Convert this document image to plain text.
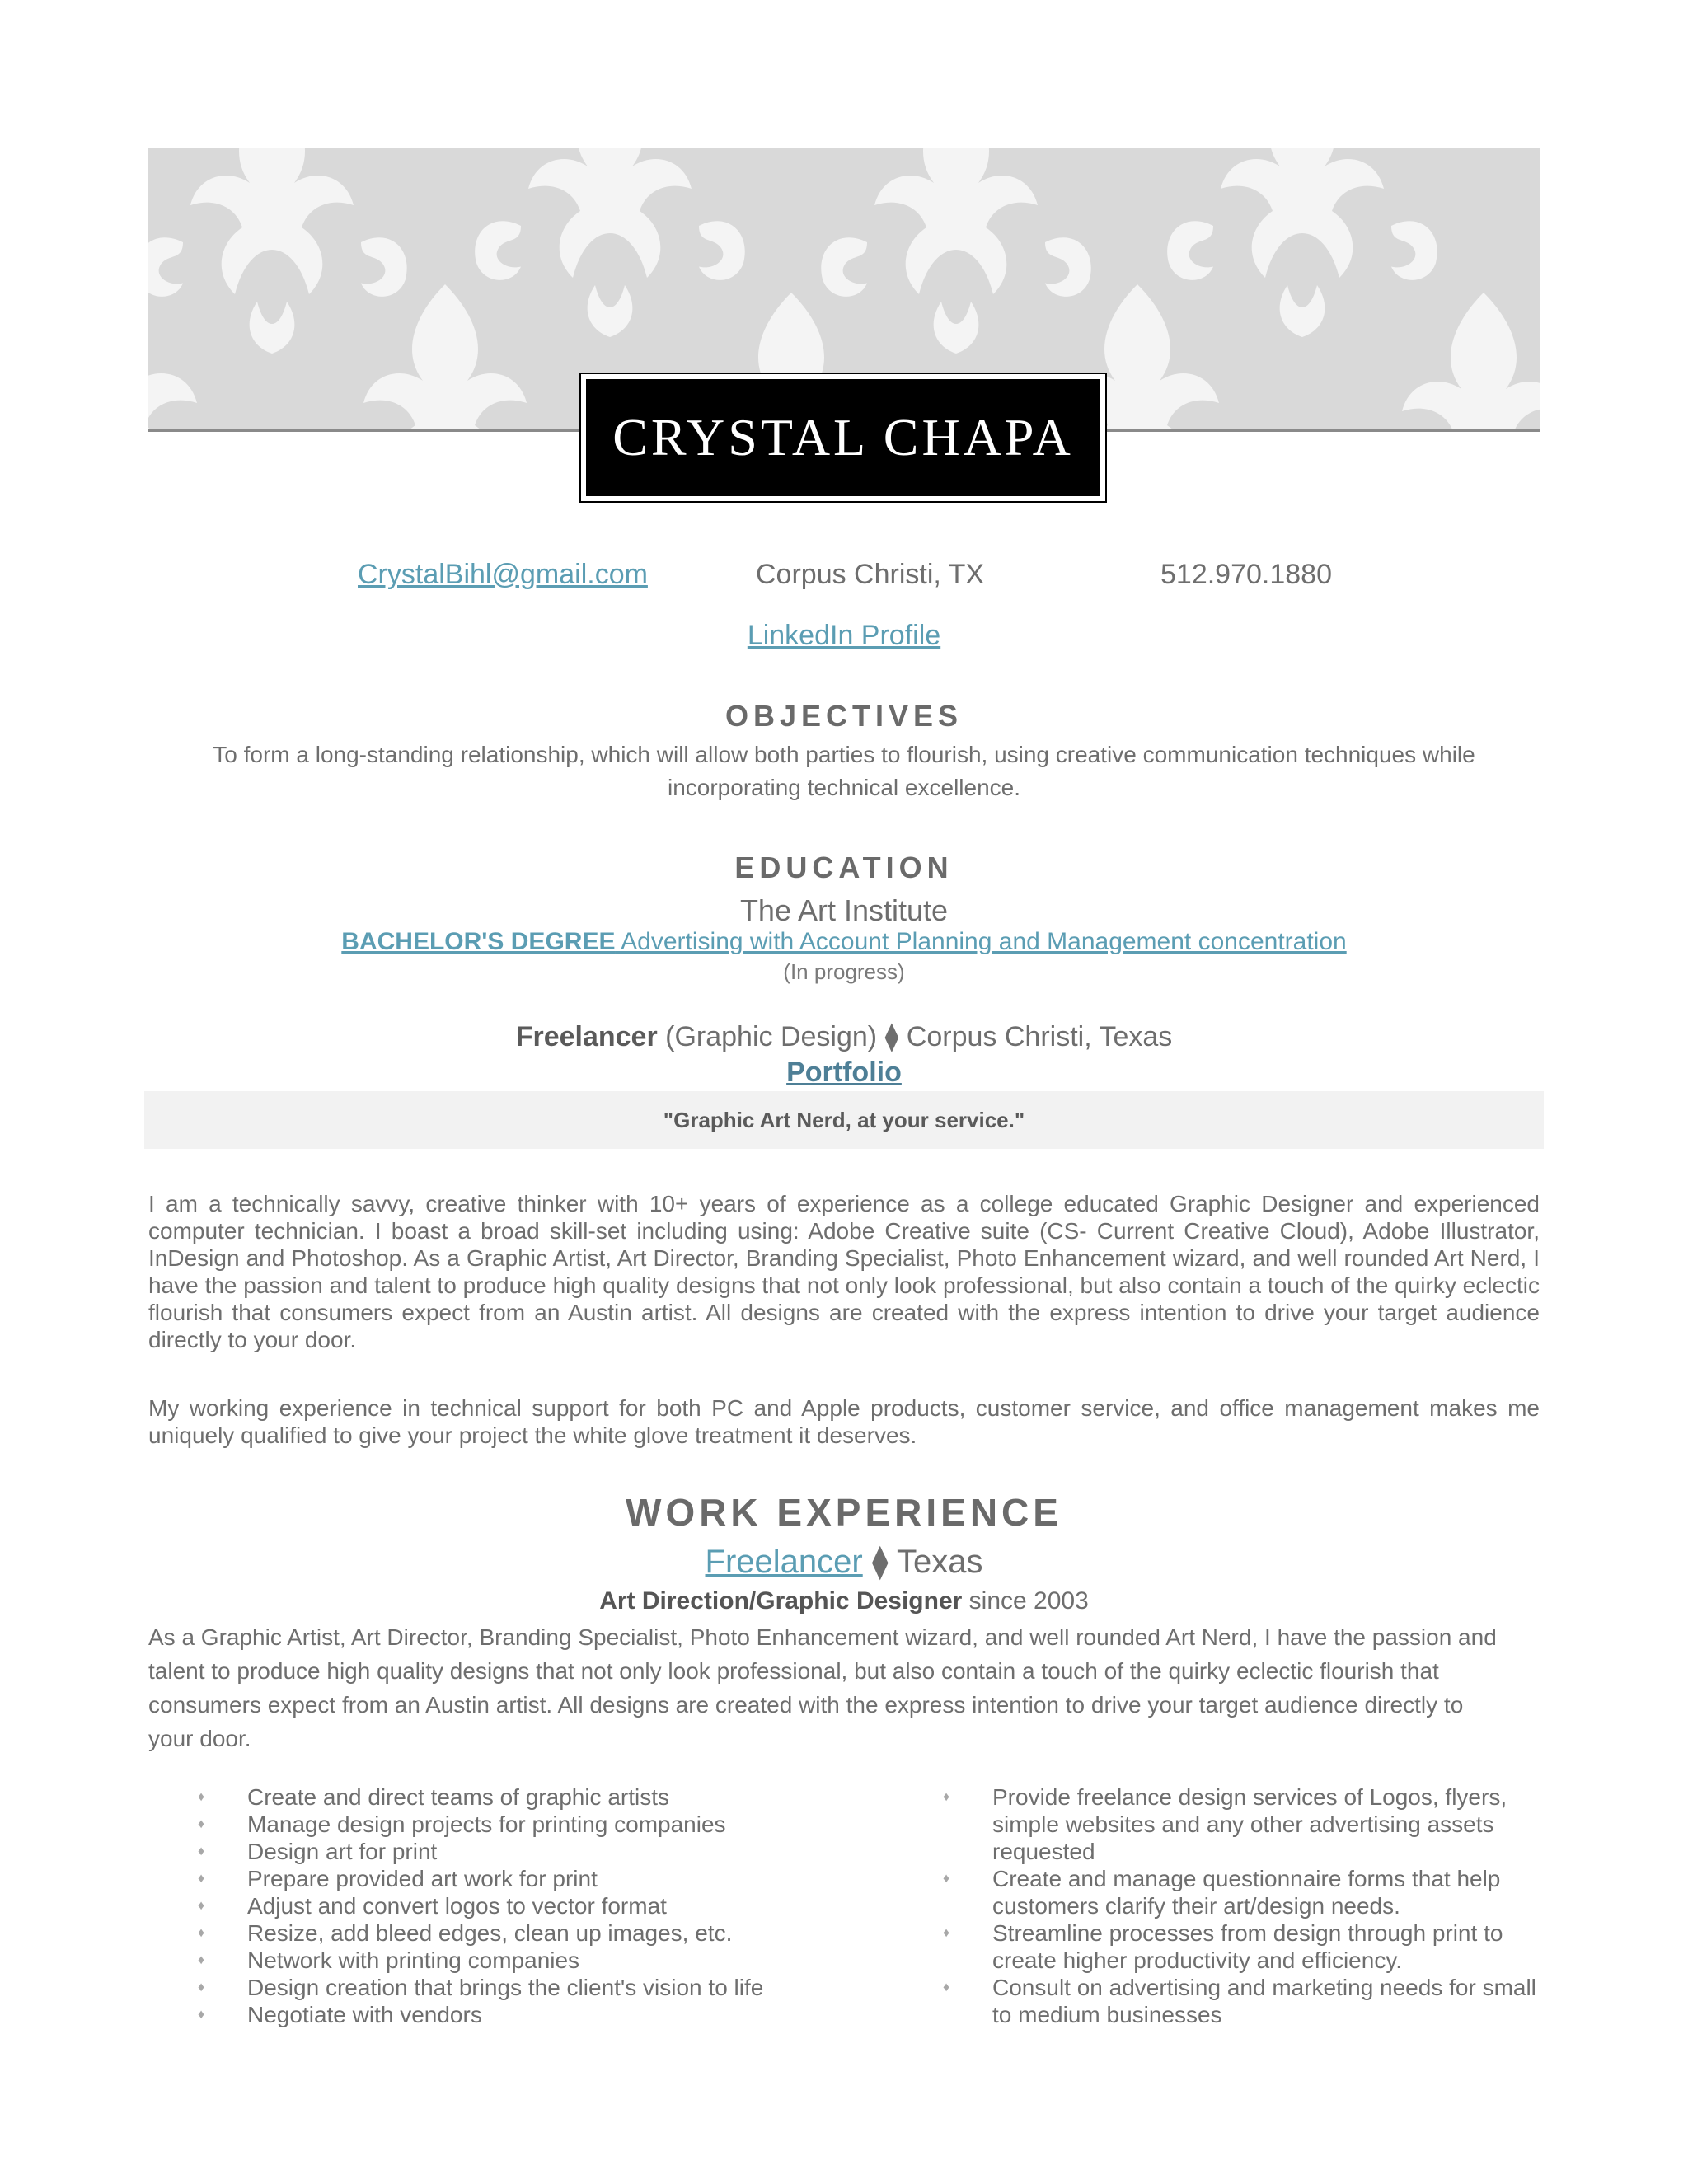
CRYSTAL CHAPA
CrystalBihl@gmail.com	Corpus Christi, TX	512.970.1880
LinkedIn Profile
OBJECTIVES
To form a long-standing relationship, which will allow both parties to flourish, using creative communication techniques while incorporating technical excellence.
EDUCATION
The Art Institute
BACHELOR'S DEGREE Advertising with Account Planning and Management concentration
(In progress)
Freelancer (Graphic Design) ⧫ Corpus Christi, Texas
Portfolio
"Graphic Art Nerd, at your service."
I am a technically savvy, creative thinker with 10+ years of experience as a college educated Graphic Designer and experienced computer technician. I boast a broad skill-set including using: Adobe Creative suite (CS- Current Creative Cloud), Adobe Illustrator, InDesign and Photoshop. As a Graphic Artist, Art Director, Branding Specialist, Photo Enhancement wizard, and well rounded Art Nerd, I have the passion and talent to produce high quality designs that not only look professional, but also contain a touch of the quirky eclectic flourish that consumers expect from an Austin artist. All designs are created with the express intention to drive your target audience directly to your door.
My working experience in technical support for both PC and Apple products, customer service, and office management makes me uniquely qualified to give your project the white glove treatment it deserves.
WORK EXPERIENCE
Freelancer ⧫ Texas
Art Direction/Graphic Designer since 2003
As a Graphic Artist, Art Director, Branding Specialist, Photo Enhancement wizard, and well rounded Art Nerd, I have the passion and talent to produce high quality designs that not only look professional, but also contain a touch of the quirky eclectic flourish that consumers expect from an Austin artist. All designs are created with the express intention to drive your target audience directly to your door.
♦	Create and direct teams of graphic artists
♦	Manage design projects for printing companies
♦	Design art for print
♦	Prepare provided art work for print
♦	Adjust and convert logos to vector format
♦	Resize, add bleed edges, clean up images, etc.
♦	Network with printing companies
♦	Design creation that brings the client's vision to life
♦	Negotiate with vendors
♦	Provide freelance design services of Logos, flyers, simple websites and any other advertising assets requested
♦	Create and manage questionnaire forms that help customers clarify their art/design needs.
♦	Streamline processes from design through print to create higher productivity and efficiency.
♦	Consult on advertising and marketing needs for small to medium businesses
